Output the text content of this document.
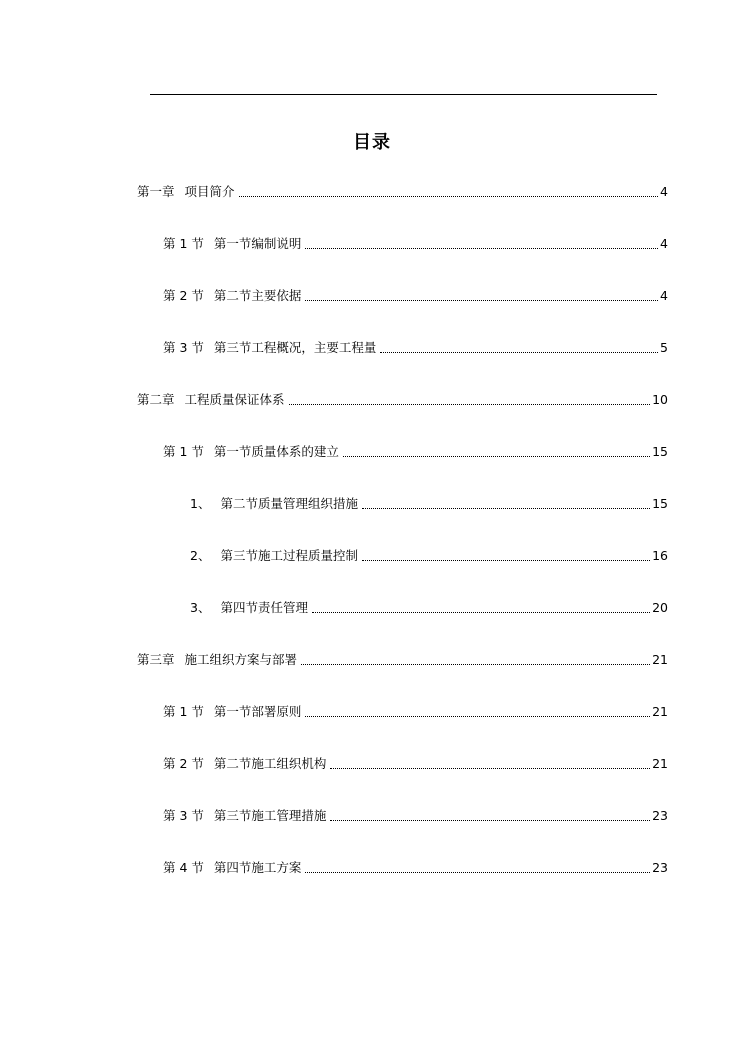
目录
第一章 项目简介	4
第 1 节 第一节编制说明	4
第 2 节 第二节主要依据	4
第 3 节 第三节工程概况，主要工程量	5
第二章 工程质量保证体系	10
第 1 节 第一节质量体系的建立	15
1、 第二节质量管理组织措施	15
2、 第三节施工过程质量控制	16
3、 第四节责任管理	20
第三章 施工组织方案与部署	21
第 1 节 第一节部署原则	21
第 2 节 第二节施工组织机构	21
第 3 节 第三节施工管理措施	23
第 4 节 第四节施工方案	23
